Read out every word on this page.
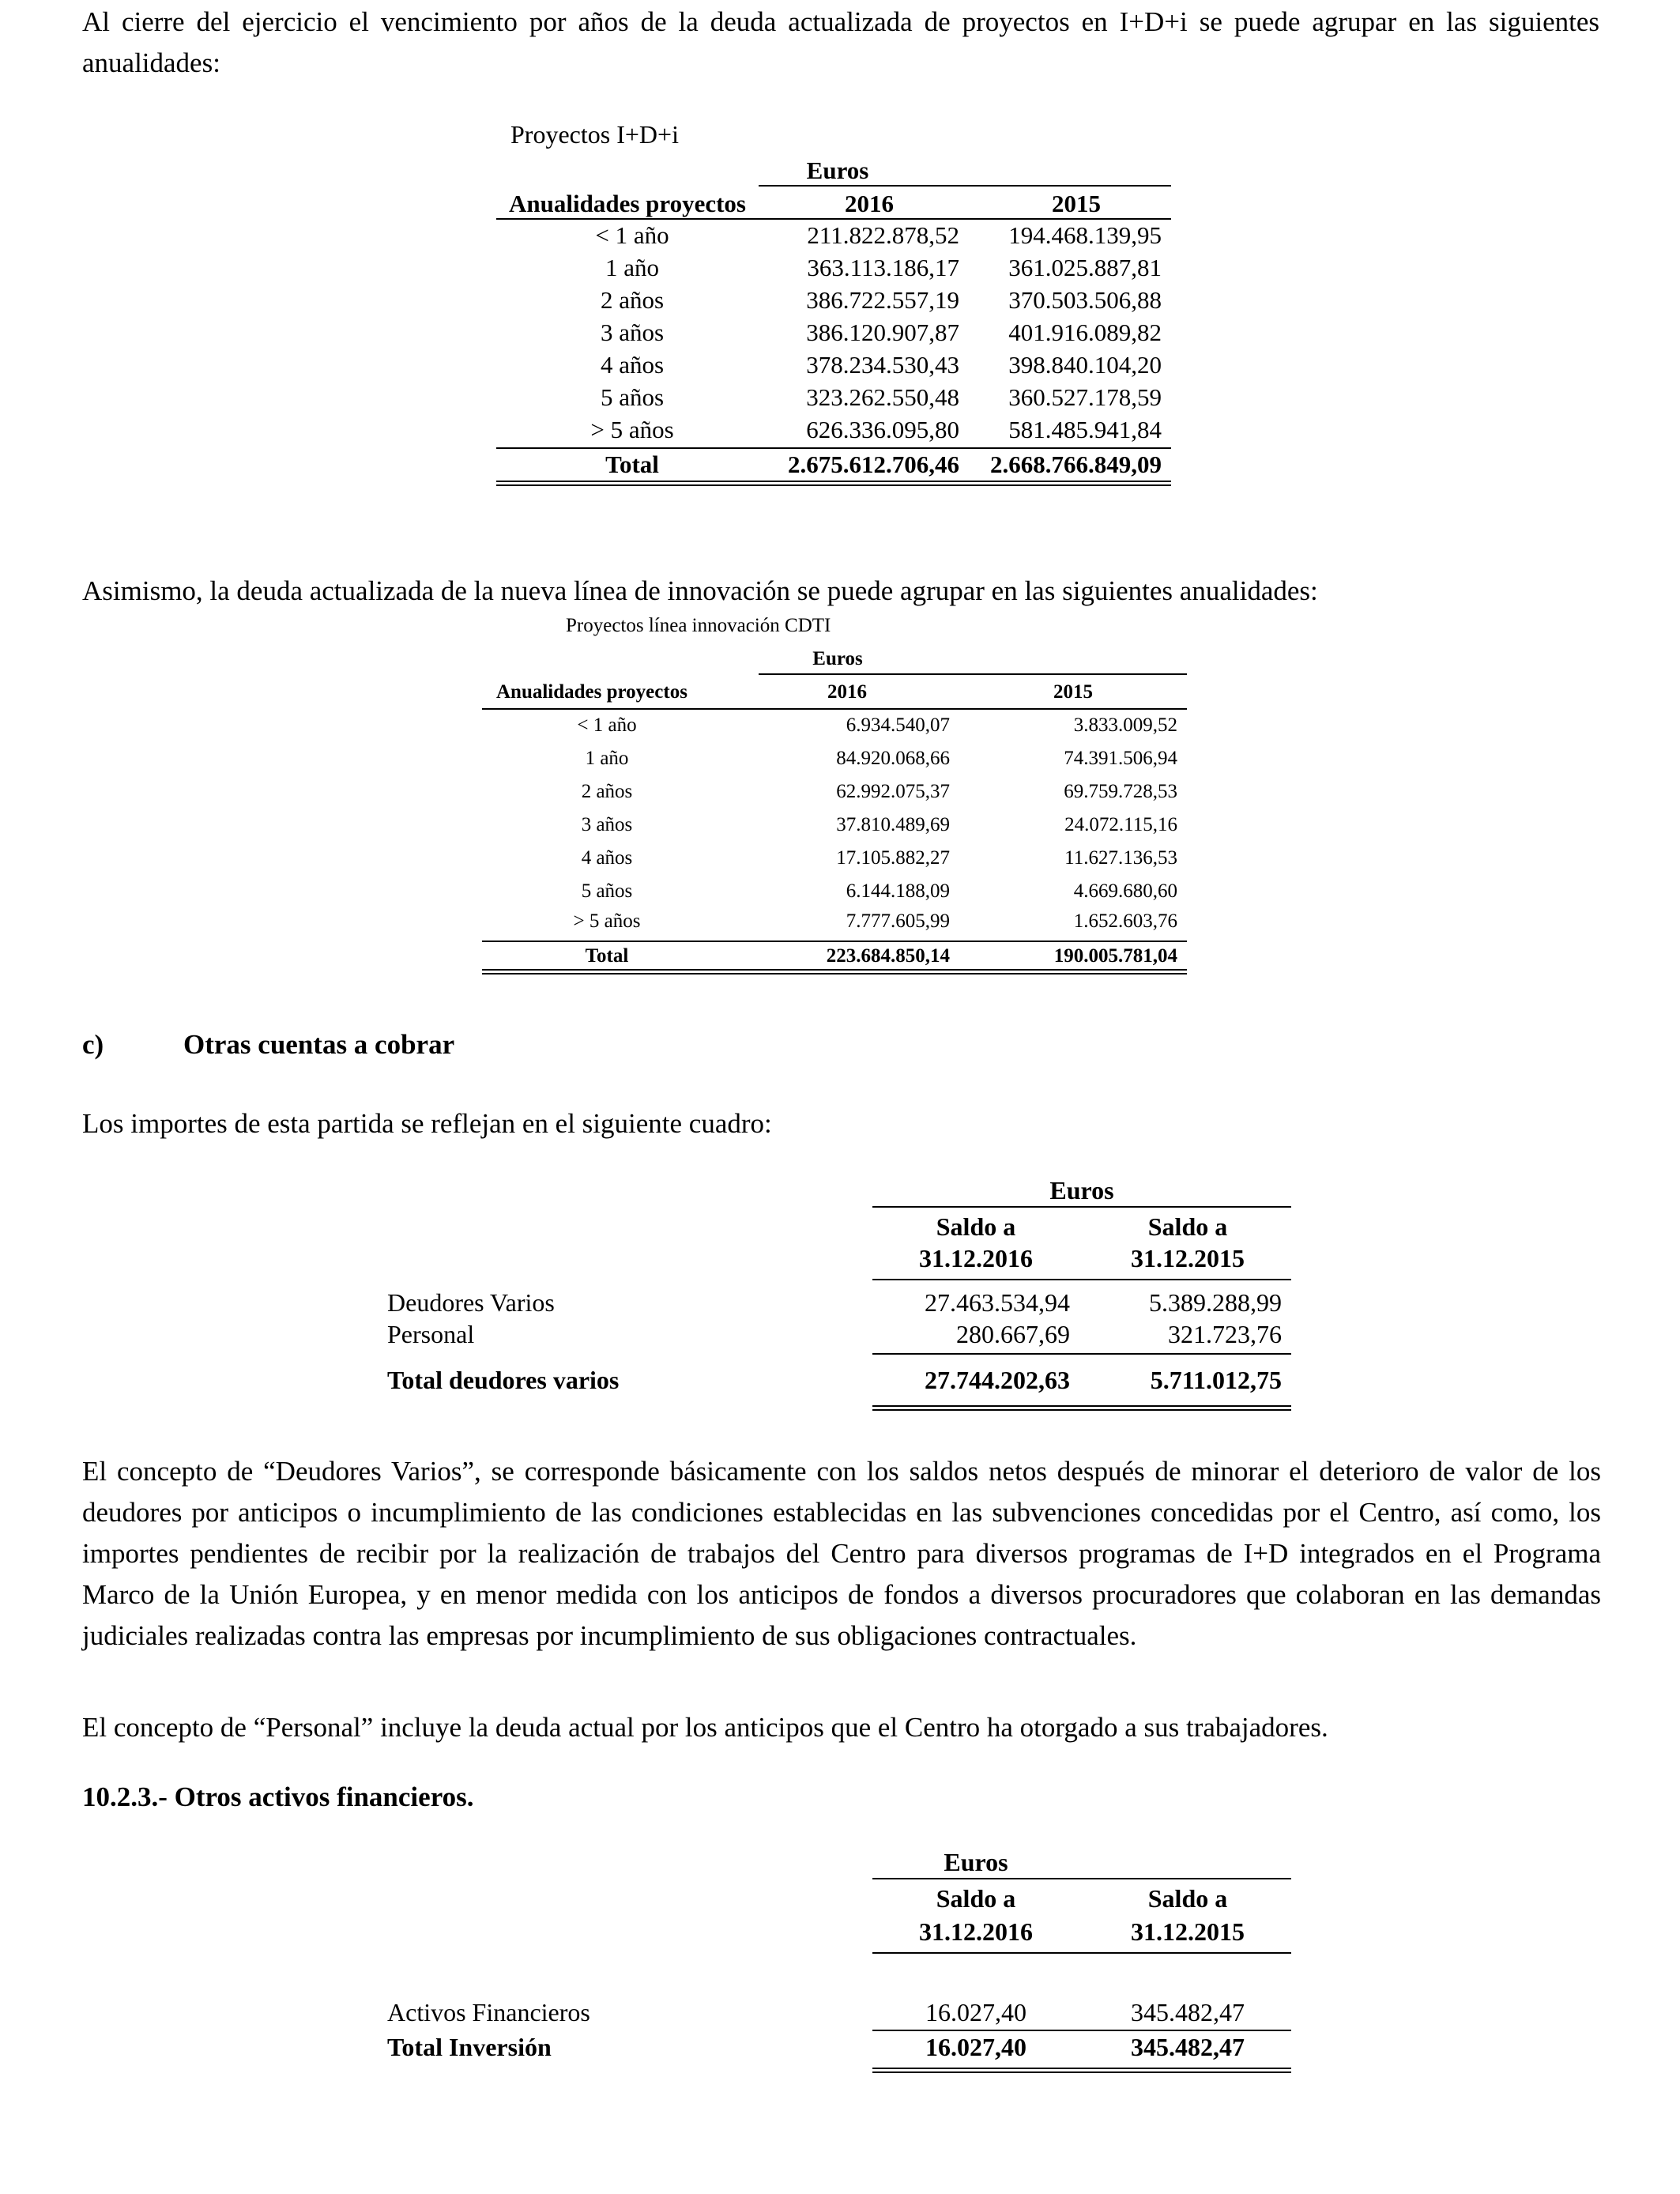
Al cierre del ejercicio el vencimiento por años de la deuda actualizada de proyectos en I+D+i se puede agrupar en las siguientes anualidades:

Proyectos I+D+i
Euros
Anualidades proyectos	2016	2015
< 1 año	211.822.878,52	194.468.139,95
1 año	363.113.186,17	361.025.887,81
2 años	386.722.557,19	370.503.506,88
3 años	386.120.907,87	401.916.089,82
4 años	378.234.530,43	398.840.104,20
5 años	323.262.550,48	360.527.178,59
> 5 años	626.336.095,80	581.485.941,84
Total	2.675.612.706,46	2.668.766.849,09

Asimismo, la deuda actualizada de la nueva línea de innovación se puede agrupar en las siguientes anualidades:

Proyectos línea innovación CDTI
Euros
Anualidades proyectos	2016	2015
< 1 año	6.934.540,07	3.833.009,52
1 año	84.920.068,66	74.391.506,94
2 años	62.992.075,37	69.759.728,53
3 años	37.810.489,69	24.072.115,16
4 años	17.105.882,27	11.627.136,53
5 años	6.144.188,09	4.669.680,60
> 5 años	7.777.605,99	1.652.603,76
Total	223.684.850,14	190.005.781,04
c)	Otras cuentas a cobrar

Los importes de esta partida se reflejan en el siguiente cuadro:

Euros
Saldo a
31.12.2016
Saldo a
31.12.2015
Deudores Varios	27.463.534,94	5.389.288,99
Personal	280.667,69	321.723,76
Total deudores varios	27.744.202,63	5.711.012,75

El concepto de “Deudores Varios”, se corresponde básicamente con los saldos netos después de minorar el deterioro de valor de los deudores por anticipos o incumplimiento de las condiciones establecidas en las subvenciones concedidas por el Centro, así como, los importes pendientes de recibir por la realización de trabajos del Centro para diversos programas de I+D integrados en el Programa Marco de la Unión Europea, y en menor medida con los anticipos de fondos a diversos procuradores que colaboran en las demandas judiciales realizadas contra las empresas por incumplimiento de sus obligaciones contractuales.

El concepto de “Personal” incluye la deuda actual por los anticipos que el Centro ha otorgado a sus trabajadores.

10.2.3.- Otros activos financieros.
Euros
Saldo a
31.12.2016
Saldo a
31.12.2015
Activos Financieros	16.027,40	345.482,47
Total Inversión	16.027,40	345.482,47
